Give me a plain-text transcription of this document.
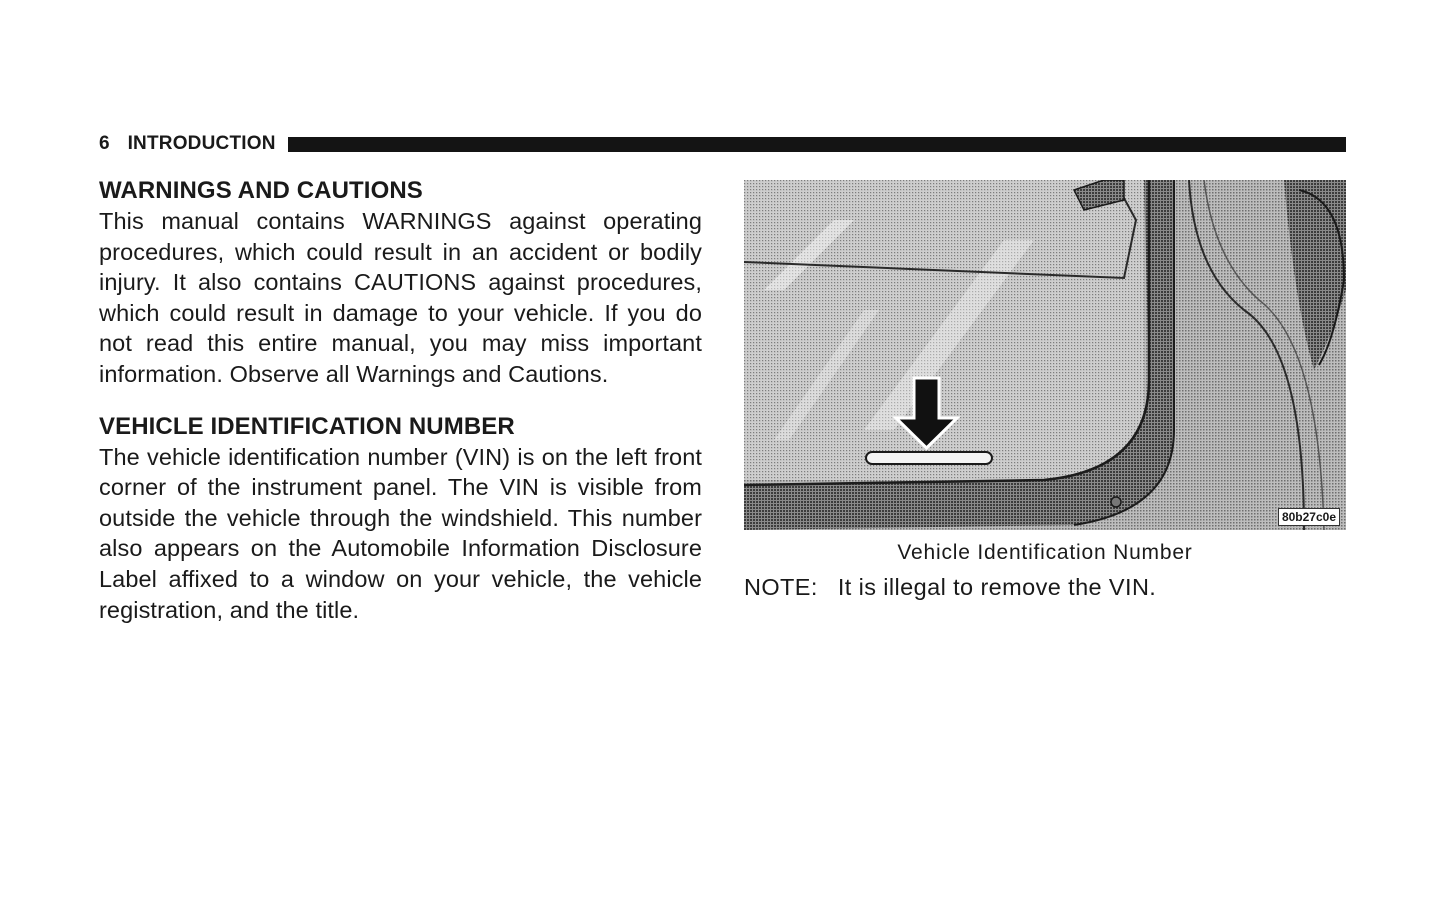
6 INTRODUCTION
WARNINGS AND CAUTIONS

This manual contains WARNINGS against operating procedures, which could result in an accident or bodily injury. It also contains CAUTIONS against procedures, which could result in damage to your vehicle. If you do not read this entire manual, you may miss important information. Observe all Warnings and Cautions.

VEHICLE IDENTIFICATION NUMBER

The vehicle identification number (VIN) is on the left front corner of the instrument panel. The VIN is visible from outside the vehicle through the windshield. This number also appears on the Automobile Information Disclosure Label affixed to a window on your vehicle, the vehicle registration, and the title.

80b27c0e
Vehicle Identification Number
NOTE: It is illegal to remove the VIN.
